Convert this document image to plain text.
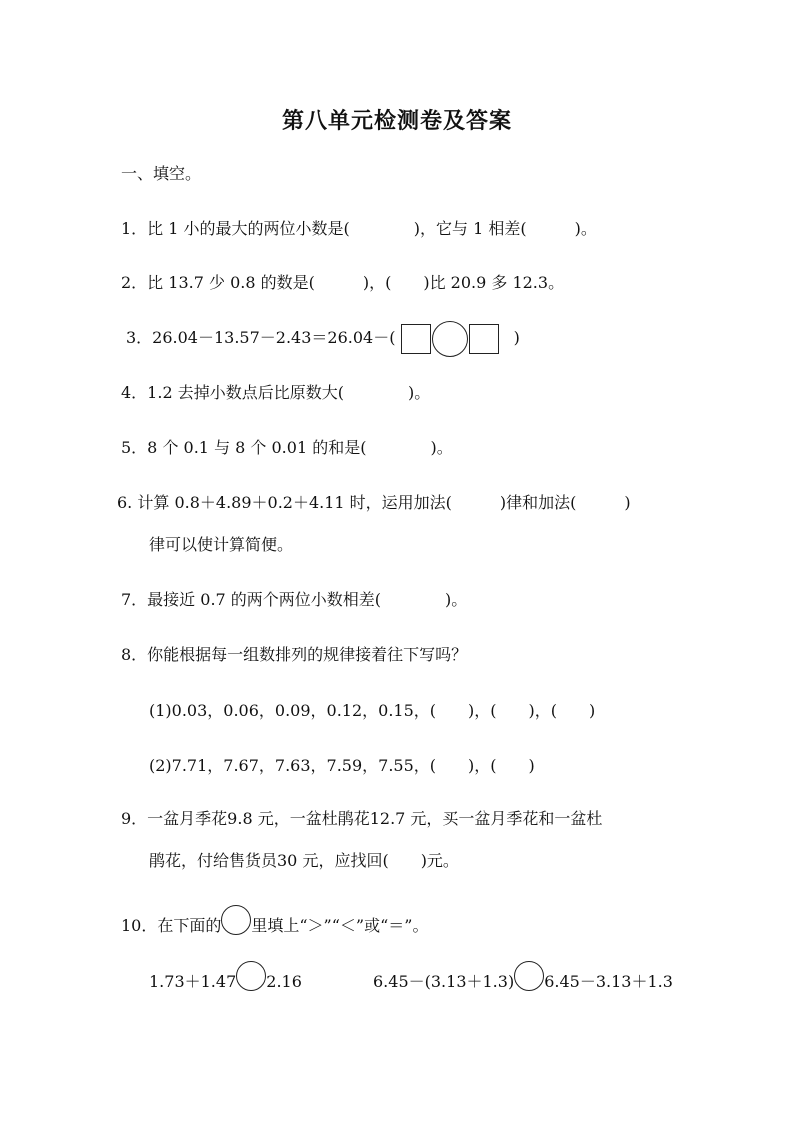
第八单元检测卷及答案
一、填空。
1．比 1 小的最大的两位小数是(　　　　)，它与 1 相差(　　　)。
2．比 13.7 少 0.8 的数是(　　　)，(　　)比 20.9 多 12.3。
3．26.04－13.57－2.43＝26.04－(	)
4．1.2 去掉小数点后比原数大(　　　　)。
5．8 个 0.1 与 8 个 0.01 的和是(　　　　)。
6. 计算 0.8＋4.89＋0.2＋4.11 时，运用加法(　　　)律和加法(　　　)
律可以使计算简便。
7．最接近 0.7 的两个两位小数相差(　　　　)。
8．你能根据每一组数排列的规律接着往下写吗？
(1)0.03，0.06，0.09，0.12，0.15，(　　)，(　　)，(　　)
(2)7.71，7.67，7.63，7.59，7.55，(　　)，(　　)
9．一盆月季花9.8 元，一盆杜鹃花12.7 元，买一盆月季花和一盆杜
鹃花，付给售货员30 元，应找回(　　)元。
10．在下面的 里填上“＞”“＜”或“＝”。
1.73＋1.47 2.16	6.45－(3.13＋1.3) 6.45－3.13＋1.3
